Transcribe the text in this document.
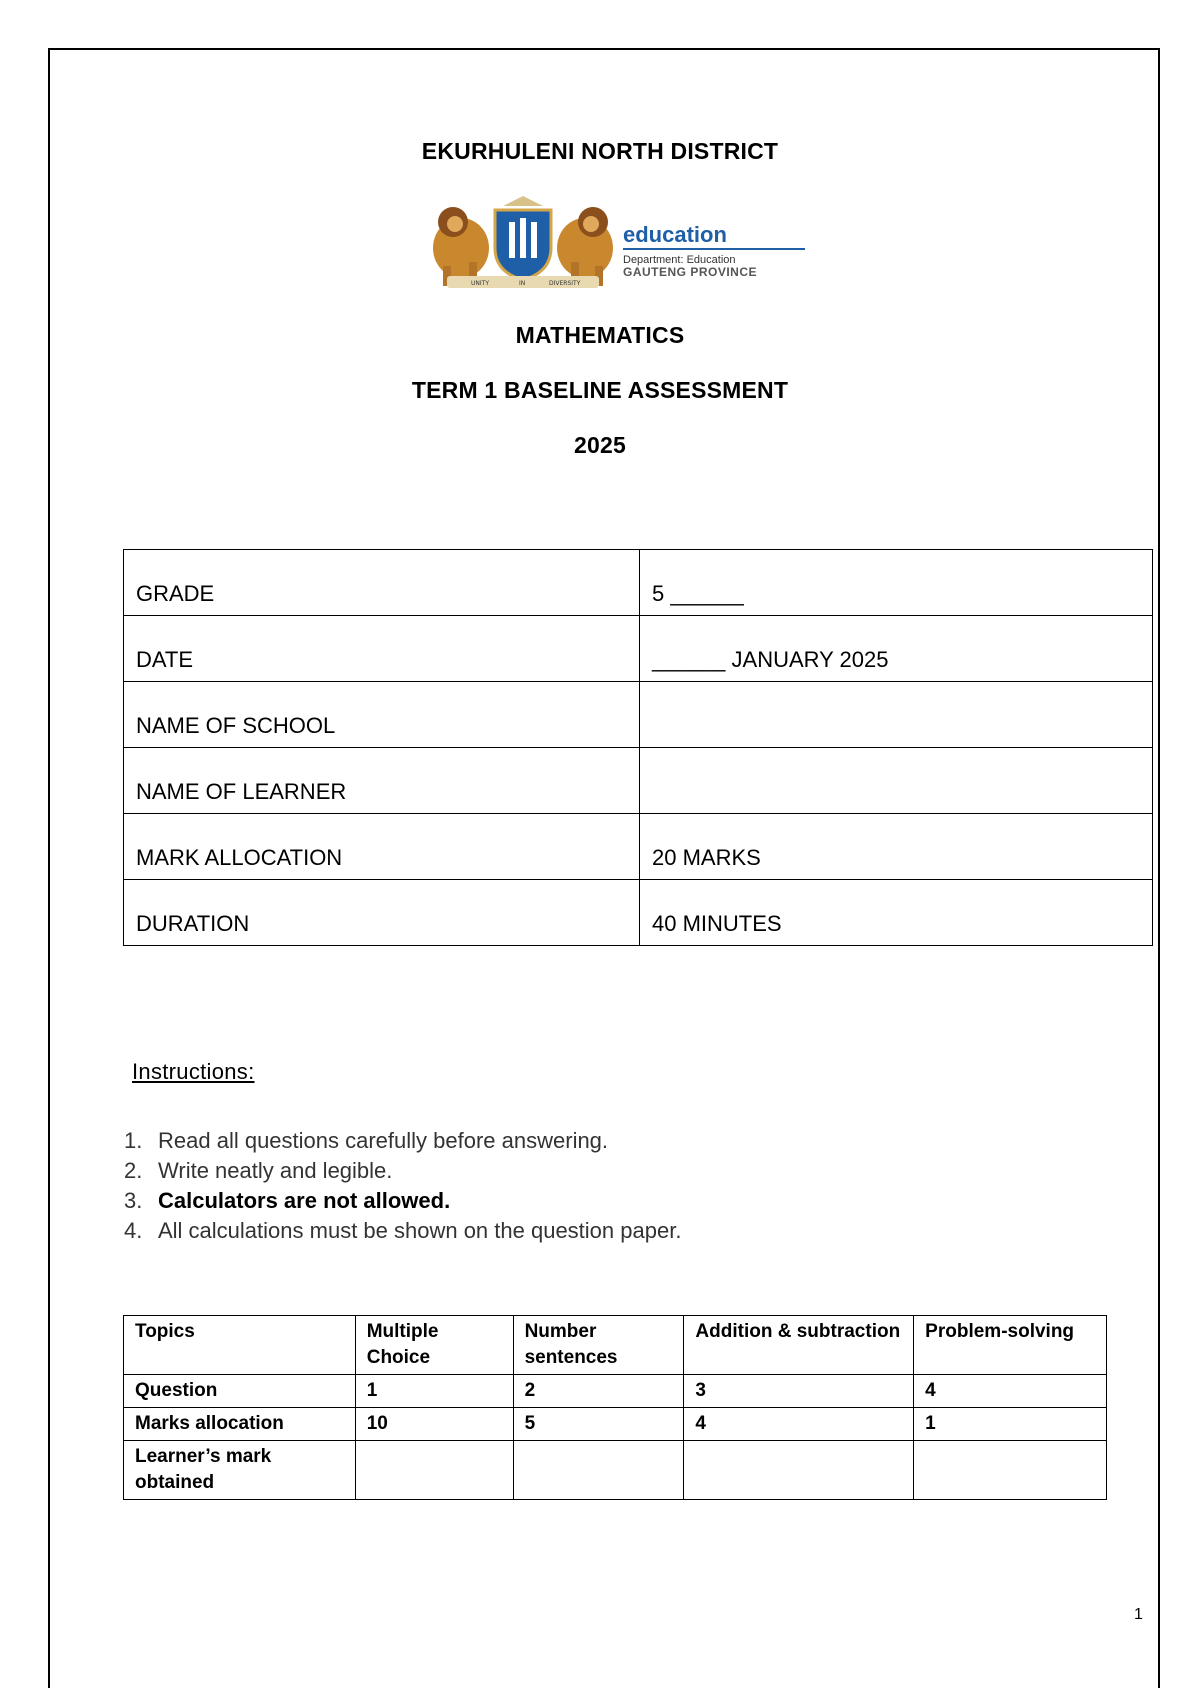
EKURHULENI NORTH DISTRICT
UNITY	IN	DIVERSITY
education
Department: Education
GAUTENG PROVINCE
MATHEMATICS
TERM 1 BASELINE ASSESSMENT
2025
GRADE	5 ______
DATE	______ JANUARY 2025
NAME OF SCHOOL	
NAME OF LEARNER	
MARK ALLOCATION	20 MARKS
DURATION	40 MINUTES
Instructions:
1. Read all questions carefully before answering.
2. Write neatly and legible.
3. Calculators are not allowed.
4. All calculations must be shown on the question paper.
Topics	Multiple Choice	Number sentences	Addition & subtraction	Problem-solving
Question	1	2	3	4
Marks allocation	10	5	4	1
Learner’s mark obtained				
1
